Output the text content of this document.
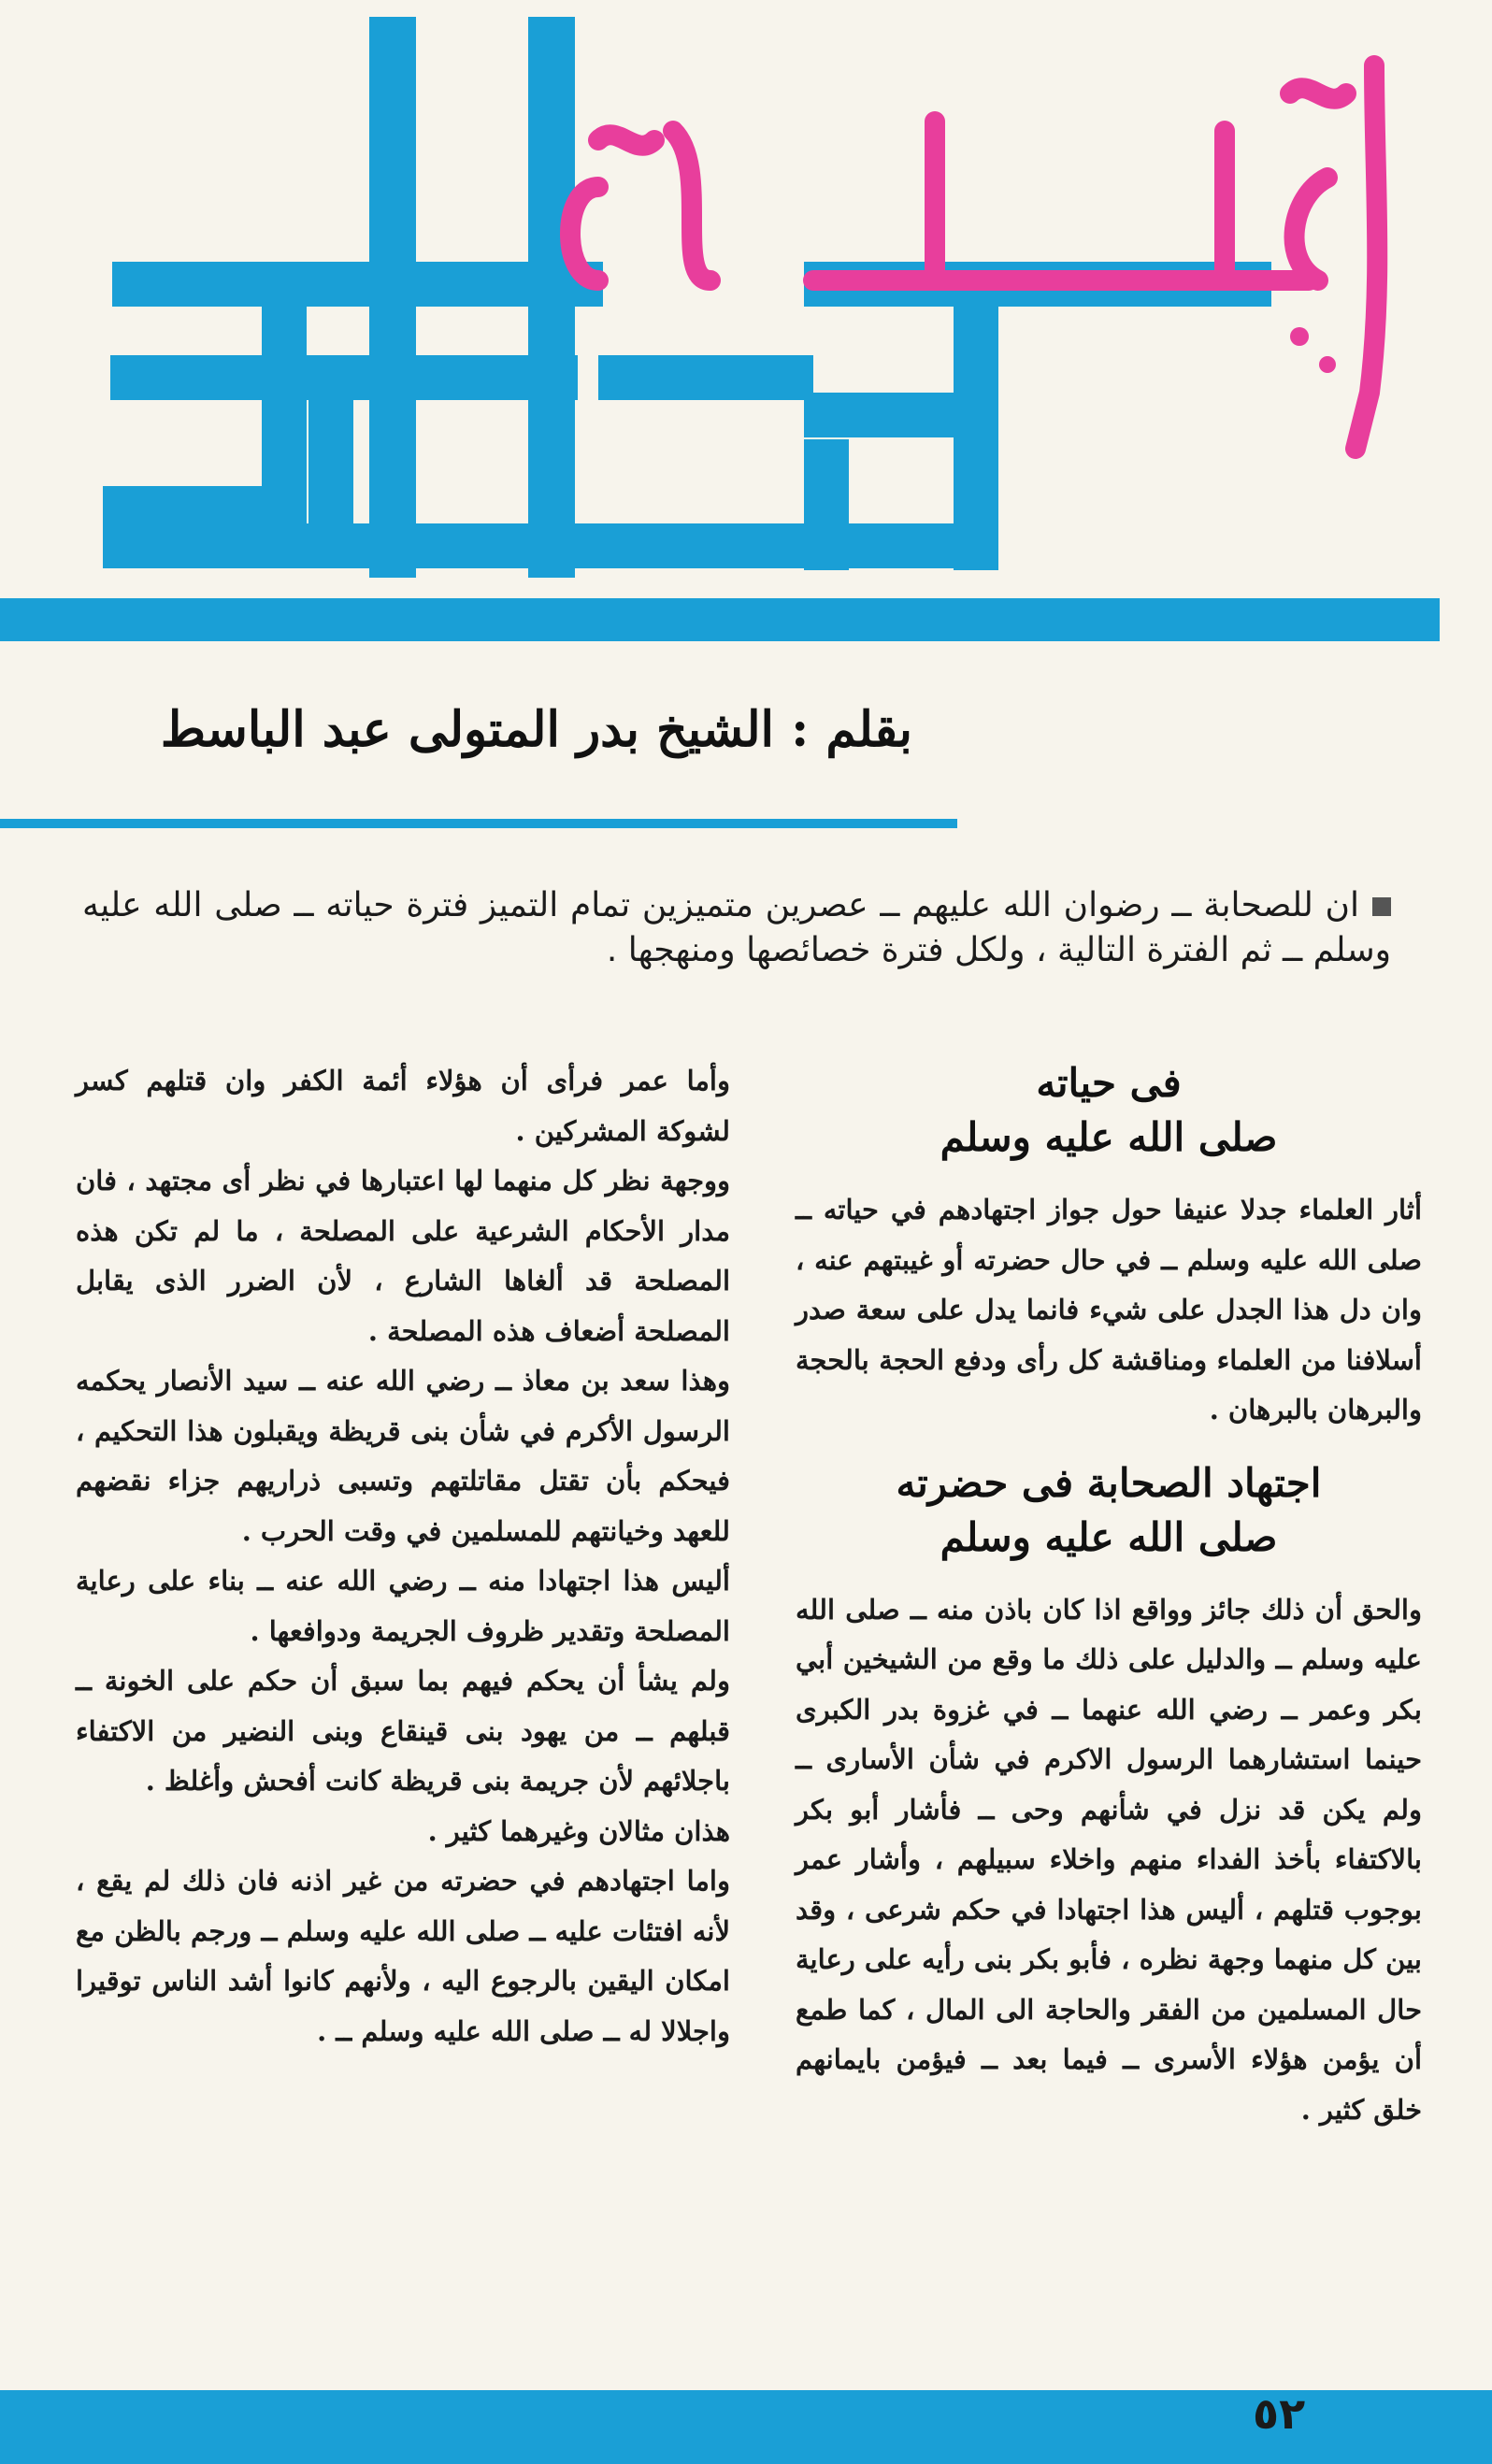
بقلم : الشيخ بدر المتولى عبد الباسط
ان للصحابة ــ رضوان الله عليهم ــ عصرين متميزين تمام التميز فترة حياته ــ صلى الله عليه وسلم ــ ثم الفترة التالية ، ولكل فترة خصائصها ومنهجها .

فى حياته

صلى الله عليه وسلم

أثار العلماء جدلا عنيفا حول جواز اجتهادهم في حياته ــ صلى الله عليه وسلم ــ في حال حضرته أو غيبتهم عنه ، وان دل هذا الجدل على شيء فانما يدل على سعة صدر أسلافنا من العلماء ومناقشة كل رأى ودفع الحجة بالحجة والبرهان بالبرهان .

اجتهاد الصحابة فى حضرته

صلى الله عليه وسلم

والحق أن ذلك جائز وواقع اذا كان باذن منه ــ صلى الله عليه وسلم ــ والدليل على ذلك ما وقع من الشيخين أبي بكر وعمر ــ رضي الله عنهما ــ في غزوة بدر الكبرى حينما استشارهما الرسول الاكرم في شأن الأسارى ــ ولم يكن قد نزل في شأنهم وحى ــ فأشار أبو بكر بالاكتفاء بأخذ الفداء منهم واخلاء سبيلهم ، وأشار عمر بوجوب قتلهم ، أليس هذا اجتهادا في حكم شرعى ، وقد بين كل منهما وجهة نظره ، فأبو بكر بنى رأيه على رعاية حال المسلمين من الفقر والحاجة الى المال ، كما طمع أن يؤمن هؤلاء الأسرى ــ فيما بعد ــ فيؤمن بايمانهم خلق كثير .

وأما عمر فرأى أن هؤلاء أئمة الكفر وان قتلهم كسر لشوكة المشركين .

ووجهة نظر كل منهما لها اعتبارها في نظر أى مجتهد ، فان مدار الأحكام الشرعية على المصلحة ، ما لم تكن هذه المصلحة قد ألغاها الشارع ، لأن الضرر الذى يقابل المصلحة أضعاف هذه المصلحة .

وهذا سعد بن معاذ ــ رضي الله عنه ــ سيد الأنصار يحكمه الرسول الأكرم في شأن بنى قريظة ويقبلون هذا التحكيم ، فيحكم بأن تقتل مقاتلتهم وتسبى ذراريهم جزاء نقضهم للعهد وخيانتهم للمسلمين في وقت الحرب .

أليس هذا اجتهادا منه ــ رضي الله عنه ــ بناء على رعاية المصلحة وتقدير ظروف الجريمة ودوافعها .

ولم يشأ أن يحكم فيهم بما سبق أن حكم على الخونة ــ قبلهم ــ من يهود بنى قينقاع وبنى النضير من الاكتفاء باجلائهم لأن جريمة بنى قريظة كانت أفحش وأغلظ .

هذان مثالان وغيرهما كثير .

واما اجتهادهم في حضرته من غير اذنه فان ذلك لم يقع ، لأنه افتئات عليه ــ صلى الله عليه وسلم ــ ورجم بالظن مع امكان اليقين بالرجوع اليه ، ولأنهم كانوا أشد الناس توقيرا واجلالا له ــ صلى الله عليه وسلم ــ .

٥٢
